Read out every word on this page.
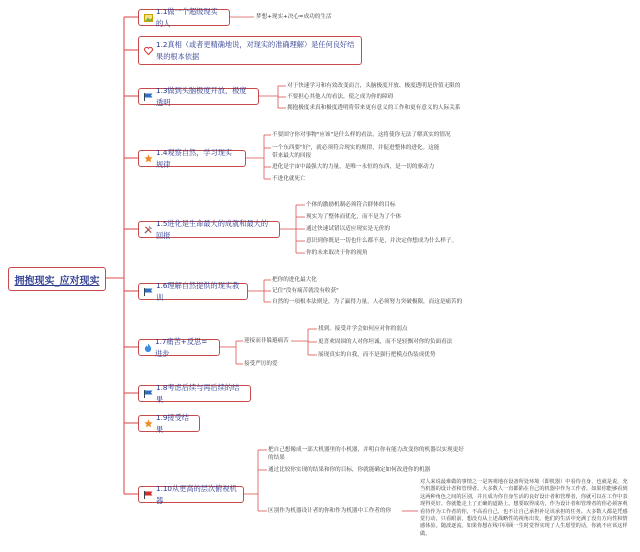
拥抱现实_应对现实
1.1做一个超级现实的人
梦想+现实+决心=成功的生活
1.2真相（或者更精确地说，对现实的准确理解）是任何良好结果的根本依据
1.3做到头脑极度开放、极度透明
对于快速学习和有效改变而言，头脑极度开放、极度透明是价值无限的
不要担心其他人的看法，使之成为你的障碍
拥抱极度求真和极度透明将带来更有意义的工作和更有意义的人际关系
1.4观察自然，学习现实规律
不要固守你对事物"应该"是什么样的看法，这将使你无法了解真实的情况
一个东西要"好"，就必须符合现实的规律，并促进整体的进化。这能带来最大的回报
进化是宇宙中最强大的力量，是唯一永恒的东西，是一切的驱动力
不进化就死亡
1.5进化是生命最大的成就和最大的回报
个体的激励机制必须符合群体的目标
现实为了整体而优化，而不是为了个体
通过快速试错以适应现实是无价的
意识到你既是一切也什么都不是，并决定你想成为什么样子。
你的未来取决于你的视角
1.6理解自然提供的现实教训
把你的进化最大化
记住"没有痛苦就没有收获"
自然的一项根本法则是，为了赢得力量，人必须努力突破极限，而这是痛苦的
1.7痛苦+反思=进步
迎接而非躲避痛苦
接受严厉的爱
找到、接受并学会如何应对你的弱点
更喜欢周围的人对你坦诚，而不是轻飘对你的负面看法
展现真实的自我，而不是强行把模点伪装成优势
1.8考虑后续与再后续的结果
1.9接受结果
1.10从更高的层次俯视机器
把自己想像成一部大机器里的小机器，并明白你有能力改变你的机器以实现更好的结果
通过比较你实现的结果和你的目标，你就能确定如何改进你的机器
区别作为机器设计者的你和作为机器中工作者的你
对人来说最难做的事情之一是客观地在设备所处环境（即机器）中看待自身，也就是说，充当机器的设计者和管理者。大多数人一直都陷在自己的机器中作为工作者。如果你能够看到这两种角色之间的区别，并且成为你自身生活的良好设计者和管理者，你就可以在工作中表现得更好。你就能走上了正确的道路上。想要取得成功，作为设计者和管理者的你必须客观看待作为工作者的你，不高看自己，也不让自己承担补足该承担的任务。大多数人都是凭感觉行动，只看眼前，想没有从上述战略性的视角出发。他们的生活中充满了没有方向性和情感体验。随波逐流。如果你想在线中回顾一生时觉得实现了人生愿望的话，你就不应该这样做。
